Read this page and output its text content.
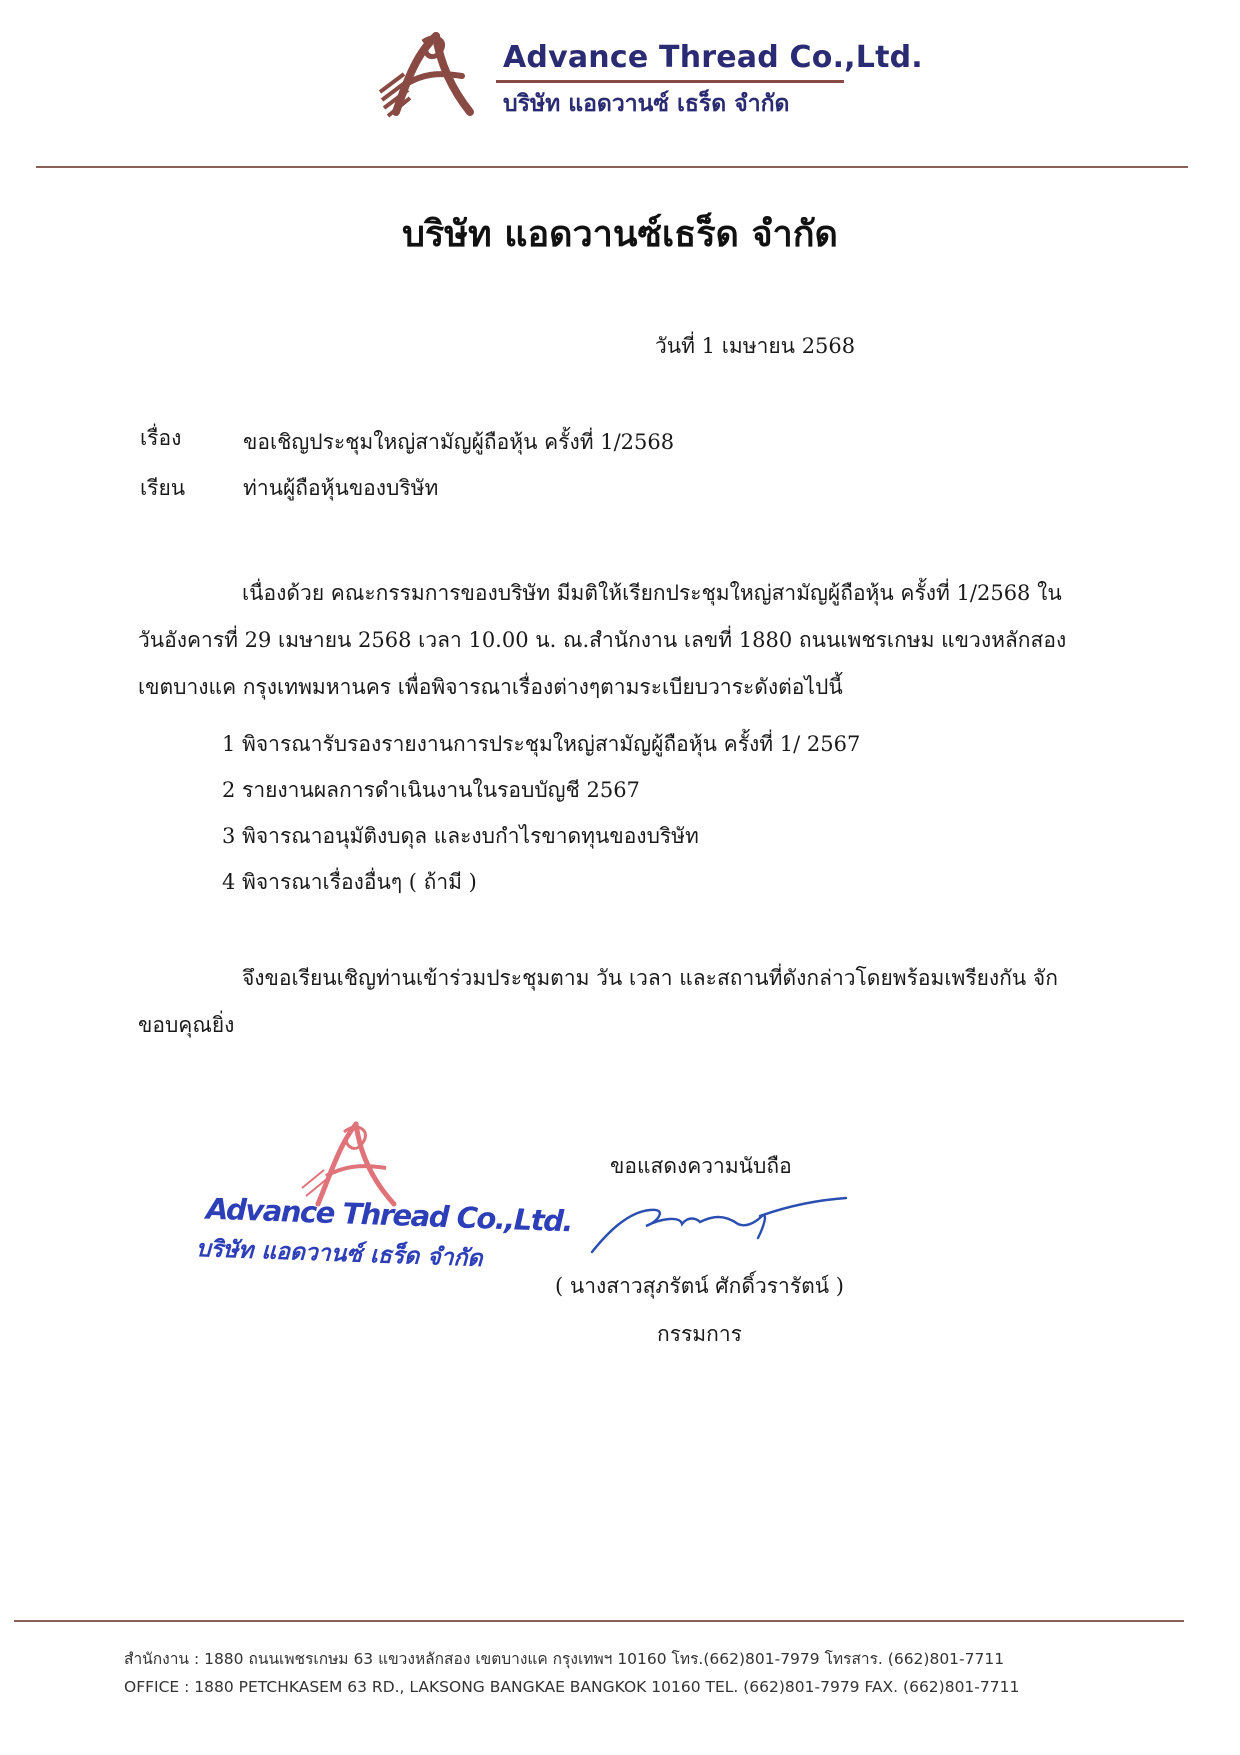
Advance Thread Co.,Ltd.
บริษัท แอดวานซ์ เธร็ด จำกัด
บริษัท แอดวานซ์เธร็ด จำกัด
วันที่ 1 เมษายน 2568
เรื่อง	ขอเชิญประชุมใหญ่สามัญผู้ถือหุ้น ครั้งที่ 1/2568
เรียน	ท่านผู้ถือหุ้นของบริษัท
เนื่องด้วย คณะกรรมการของบริษัท มีมติให้เรียกประชุมใหญ่สามัญผู้ถือหุ้น ครั้งที่ 1/2568 ในวันอังคารที่ 29 เมษายน 2568 เวลา 10.00 น. ณ.สำนักงาน เลขที่ 1880 ถนนเพชรเกษม แขวงหลักสอง เขตบางแค กรุงเทพมหานคร เพื่อพิจารณาเรื่องต่างๆตามระเบียบวาระดังต่อไปนี้
1 พิจารณารับรองรายงานการประชุมใหญ่สามัญผู้ถือหุ้น ครั้งที่ 1/ 2567
2 รายงานผลการดำเนินงานในรอบบัญชี 2567
3 พิจารณาอนุมัติงบดุล และงบกำไรขาดทุนของบริษัท
4 พิจารณาเรื่องอื่นๆ ( ถ้ามี )
จึงขอเรียนเชิญท่านเข้าร่วมประชุมตาม วัน เวลา และสถานที่ดังกล่าวโดยพร้อมเพรียงกัน จักขอบคุณยิ่ง
Advance Thread Co.,Ltd.
บริษัท แอดวานซ์ เธร็ด จำกัด
ขอแสดงความนับถือ
( นางสาวสุภรัตน์ ศักดิ์วรารัตน์ )
กรรมการ
สำนักงาน : 1880 ถนนเพชรเกษม 63 แขวงหลักสอง เขตบางแค กรุงเทพฯ 10160 โทร.(662)801-7979 โทรสาร. (662)801-7711
OFFICE : 1880 PETCHKASEM 63 RD., LAKSONG BANGKAE BANGKOK 10160 TEL. (662)801-7979 FAX. (662)801-7711
